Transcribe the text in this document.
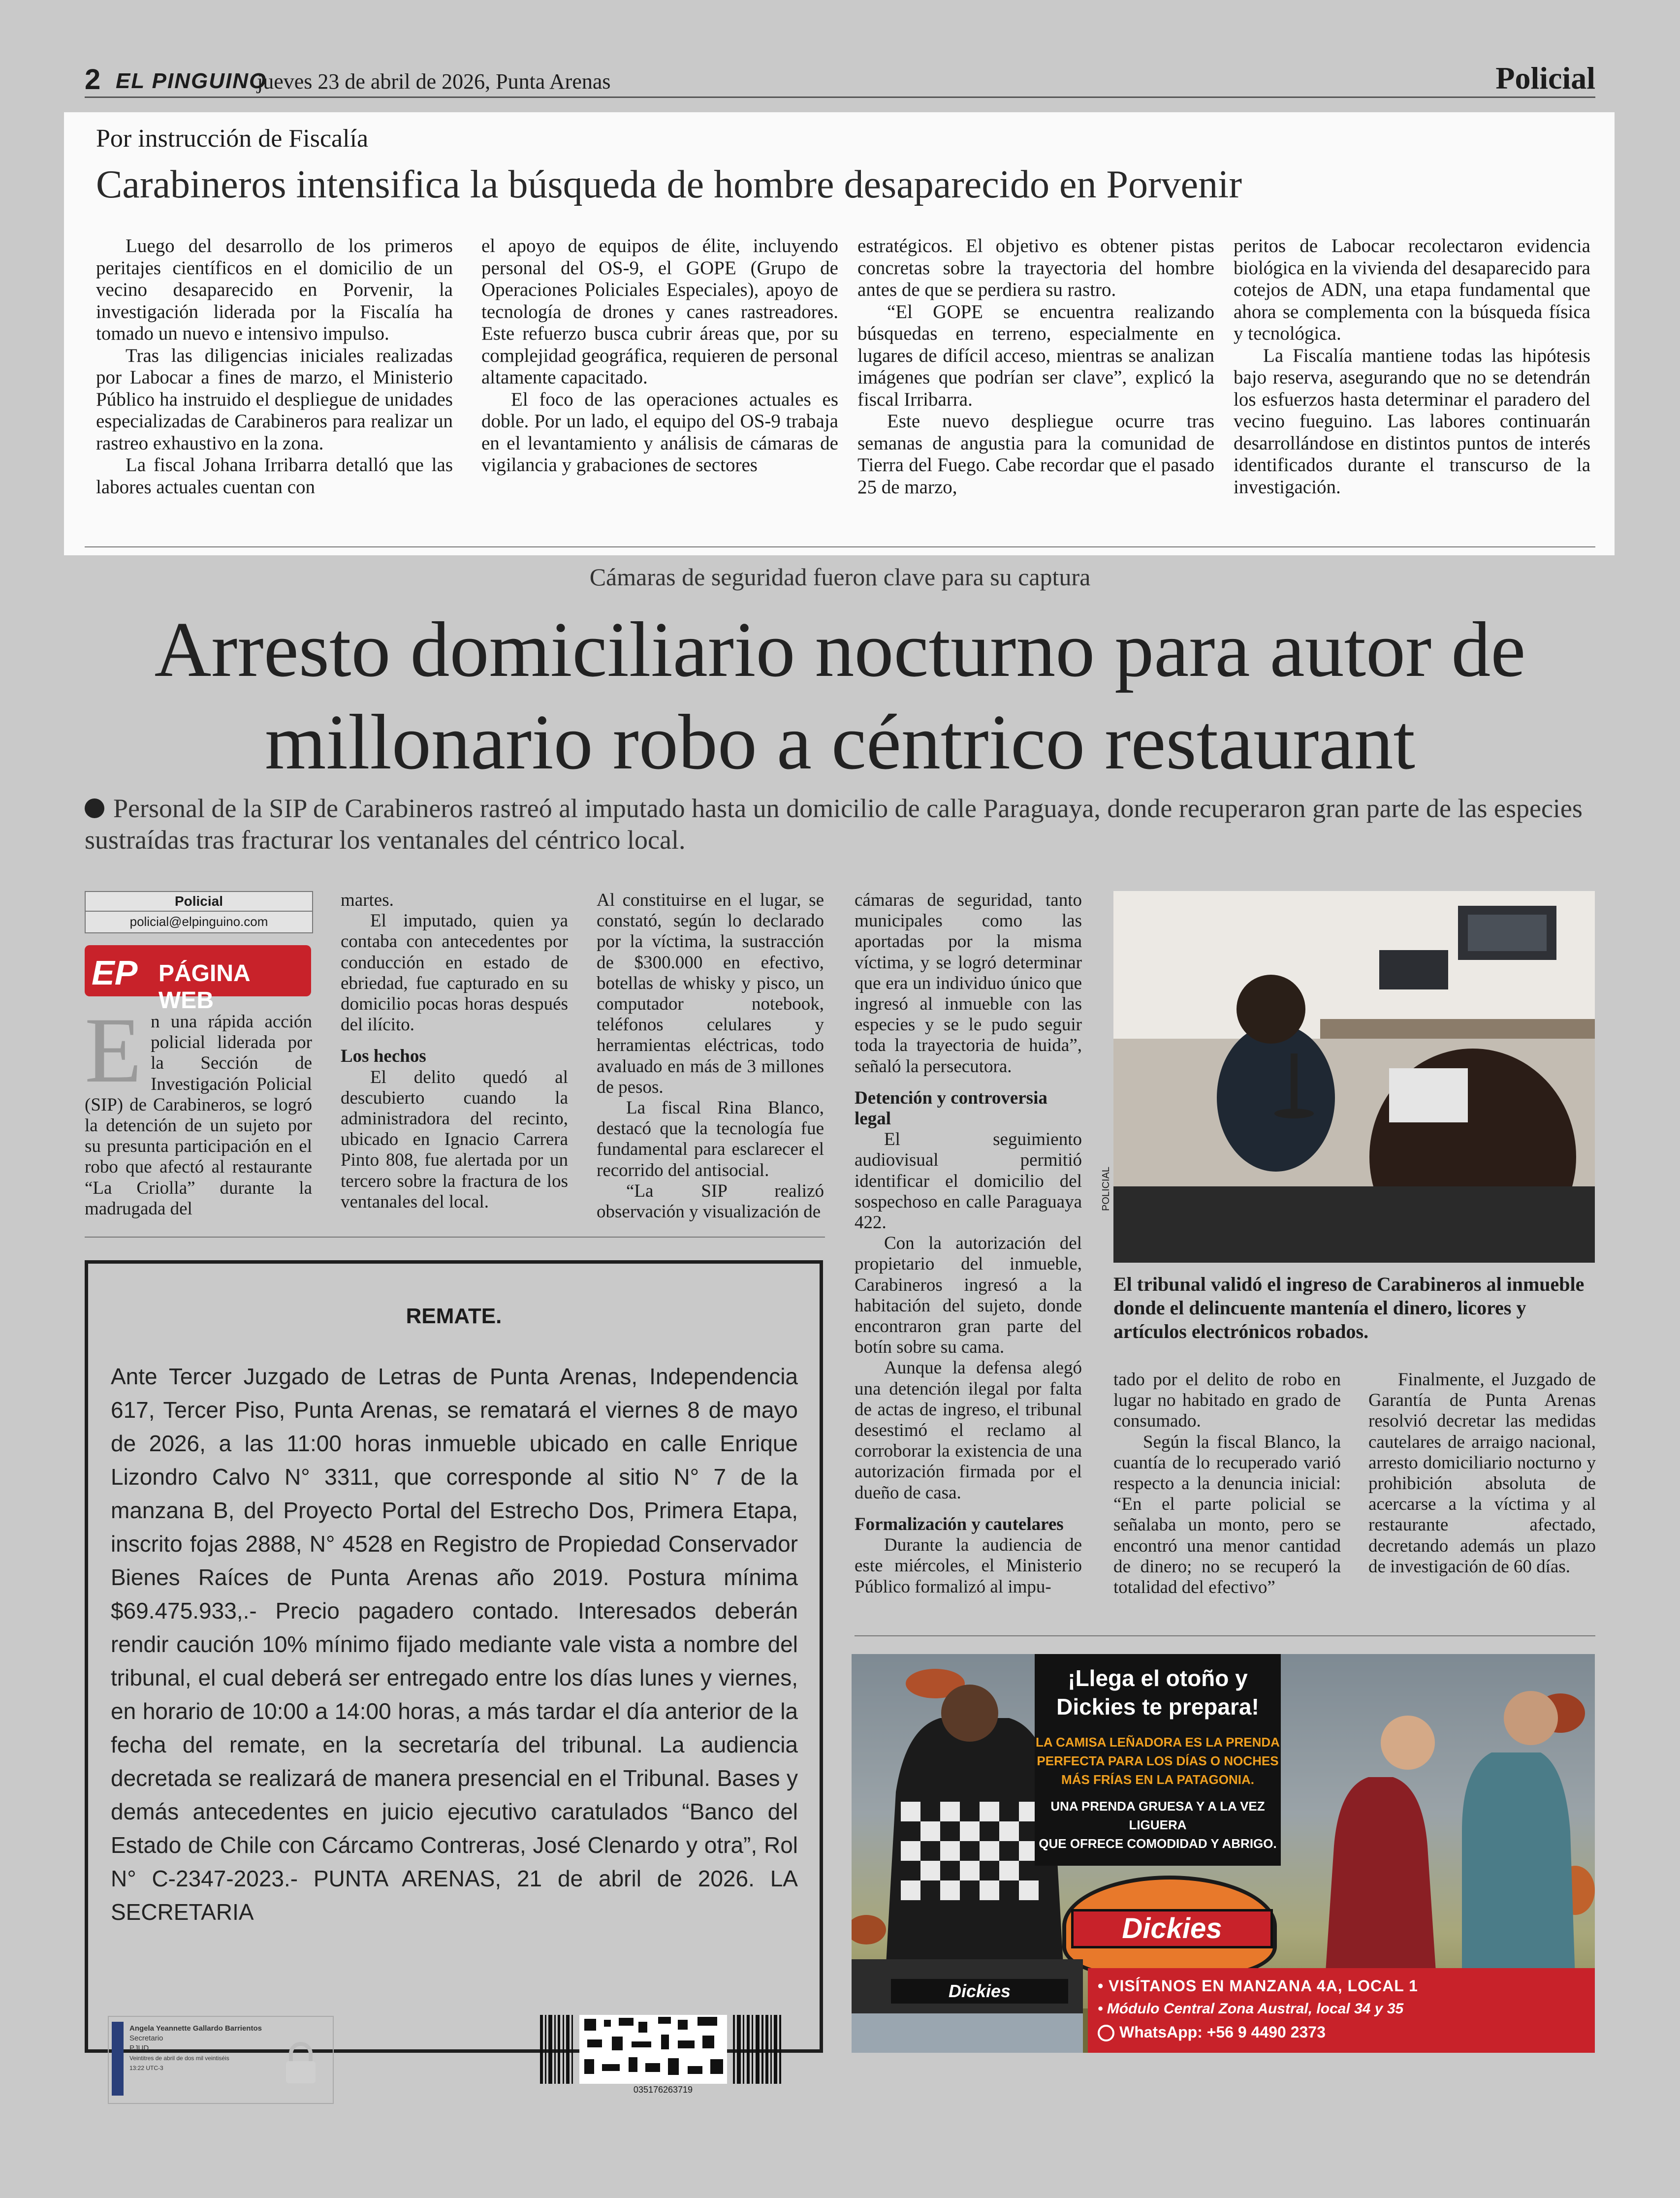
2 EL PINGUINO
jueves 23 de abril de 2026, Punta Arenas	Policial
Por instrucción de Fiscalía
Carabineros intensifica la búsqueda de hombre desaparecido en Porvenir

Luego del desarrollo de los primeros peritajes científicos en el domicilio de un vecino desaparecido en Porvenir, la investigación liderada por la Fiscalía ha tomado un nuevo e intensivo impulso.

Tras las diligencias iniciales realizadas por Labocar a fines de marzo, el Ministerio Público ha instruido el despliegue de unidades especializadas de Carabineros para realizar un rastreo exhaustivo en la zona.

La fiscal Johana Irribarra detalló que las labores actuales cuentan con

el apoyo de equipos de élite, incluyendo personal del OS-9, el GOPE (Grupo de Operaciones Policiales Especiales), apoyo de tecnología de drones y canes rastreadores. Este refuerzo busca cubrir áreas que, por su complejidad geográfica, requieren de personal altamente capacitado.

El foco de las operaciones actuales es doble. Por un lado, el equipo del OS-9 trabaja en el levantamiento y análisis de cámaras de vigilancia y grabaciones de sectores

estratégicos. El objetivo es obtener pistas concretas sobre la trayectoria del hombre antes de que se perdiera su rastro.

“El GOPE se encuentra realizando búsquedas en terreno, especialmente en lugares de difícil acceso, mientras se analizan imágenes que podrían ser clave”, explicó la fiscal Irribarra.

Este nuevo despliegue ocurre tras semanas de angustia para la comunidad de Tierra del Fuego. Cabe recordar que el pasado 25 de marzo,

peritos de Labocar recolectaron evidencia biológica en la vivienda del desaparecido para cotejos de ADN, una etapa fundamental que ahora se complementa con la búsqueda física y tecnológica.

La Fiscalía mantiene todas las hipótesis bajo reserva, asegurando que no se detendrán los esfuerzos hasta determinar el paradero del vecino fueguino. Las labores continuarán desarrollándose en distintos puntos de interés identificados durante el transcurso de la investigación.

Cámaras de seguridad fueron clave para su captura
Arresto domiciliario nocturno para autor de
millonario robo a céntrico restaurant
Personal de la SIP de Carabineros rastreó al imputado hasta un domicilio de calle Paraguaya, donde recuperaron gran parte de las especies sustraídas tras fracturar los ventanales del céntrico local.
Policial
policial@elpinguino.com
EP PÁGINA WEB
E n una rápida acción policial liderada por la Sección de Investigación Policial (SIP) de Carabineros, se logró la detención de un sujeto por su presunta participación en el robo que afectó al restaurante “La Criolla” durante la madrugada del

martes.

El imputado, quien ya contaba con antecedentes por conducción en estado de ebriedad, fue capturado en su domicilio pocas horas después del ilícito.

Los hechos

El delito quedó al descubierto cuando la administradora del recinto, ubicado en Ignacio Carrera Pinto 808, fue alertada por un tercero sobre la fractura de los ventanales del local.

Al constituirse en el lugar, se constató, según lo declarado por la víctima, la sustracción de $300.000 en efectivo, botellas de whisky y pisco, un computador notebook, teléfonos celulares y herramientas eléctricas, todo avaluado en más de 3 millones de pesos.

La fiscal Rina Blanco, destacó que la tecnología fue fundamental para esclarecer el recorrido del antisocial.

“La SIP realizó observación y visualización de

cámaras de seguridad, tanto municipales como las aportadas por la misma víctima, y se logró determinar que era un individuo único que ingresó al inmueble con las especies y se le pudo seguir toda la trayectoria de huida”, señaló la persecutora.

Detención y controversia legal

El seguimiento audiovisual permitió identificar el domicilio del sospechoso en calle Paraguaya 422.

Con la autorización del propietario del inmueble, Carabineros ingresó a la habitación del sujeto, donde encontraron gran parte del botín sobre su cama.

Aunque la defensa alegó una detención ilegal por falta de actas de ingreso, el tribunal desestimó el reclamo al corroborar la existencia de una autorización firmada por el dueño de casa.

Formalización y cautelares

Durante la audiencia de este miércoles, el Ministerio Público formalizó al impu-

POLICIAL
El tribunal validó el ingreso de Carabineros al inmueble donde el delincuente mantenía el dinero, licores y artículos electrónicos robados.

tado por el delito de robo en lugar no habitado en grado de consumado.

Según la fiscal Blanco, la cuantía de lo recuperado varió respecto a la denuncia inicial: “En el parte policial se señalaba un monto, pero se encontró una menor cantidad de dinero; no se recuperó la totalidad del efectivo”

Finalmente, el Juzgado de Garantía de Punta Arenas resolvió decretar las medidas cautelares de arraigo nacional, arresto domiciliario nocturno y prohibición absoluta de acercarse a la víctima y al restaurante afectado, decretando además un plazo de investigación de 60 días.

REMATE.
Ante Tercer Juzgado de Letras de Punta Arenas, Independencia 617, Tercer Piso, Punta Arenas, se rematará el viernes 8 de mayo de 2026, a las 11:00 horas inmueble ubicado en calle Enrique Lizondro Calvo N° 3311, que corresponde al sitio N° 7 de la manzana B, del Proyecto Portal del Estrecho Dos, Primera Etapa, inscrito fojas 2888, N° 4528 en Registro de Propiedad Conservador Bienes Raíces de Punta Arenas año 2019. Postura mínima $69.475.933,.- Precio pagadero contado. Interesados deberán rendir caución 10% mínimo fijado mediante vale vista a nombre del tribunal, el cual deberá ser entregado entre los días lunes y viernes, en horario de 10:00 a 14:00 horas, a más tardar el día anterior de la fecha del remate, en la secretaría del tribunal. La audiencia decretada se realizará de manera presencial en el Tribunal. Bases y demás antecedentes en juicio ejecutivo caratulados “Banco del Estado de Chile con Cárcamo Contreras, José Clenardo y otra”, Rol N° C-2347-2023.- PUNTA ARENAS, 21 de abril de 2026. LA SECRETARIA
Angela Yeannette Gallardo Barrientos
Secretario
PJUD
Veintitres de abril de dos mil veintiséis
13:22 UTC-3
035176263719
¡Llega el otoño y
Dickies te prepara!
LA CAMISA LEÑADORA ES LA PRENDA
PERFECTA PARA LOS DÍAS O NOCHES
MÁS FRÍAS EN LA PATAGONIA.
UNA PRENDA GRUESA Y A LA VEZ LIGUERA
QUE OFRECE COMODIDAD Y ABRIGO.
Dickies
Dickies	• VISÍTANOS EN MANZANA 4A, LOCAL 1
• Módulo Central Zona Austral, local 34 y 35
WhatsApp: +56 9 4490 2373
